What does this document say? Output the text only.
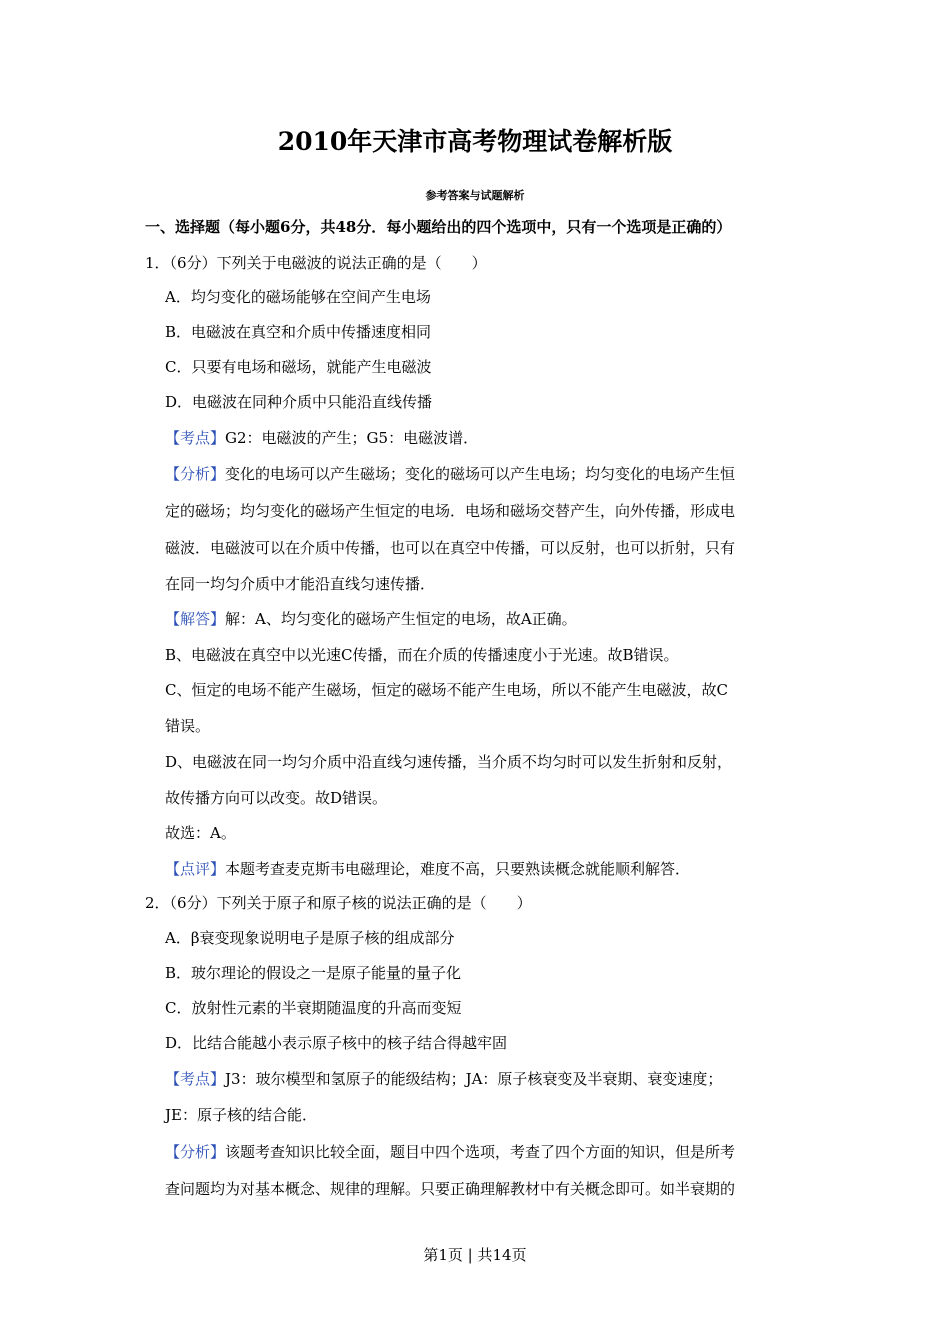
2010年天津市高考物理试卷解析版
参考答案与试题解析
一、选择题（每小题6分，共48分．每小题给出的四个选项中，只有一个选项是正确的）
1．（6分）下列关于电磁波的说法正确的是（　　）
A．均匀变化的磁场能够在空间产生电场
B．电磁波在真空和介质中传播速度相同
C．只要有电场和磁场，就能产生电磁波
D．电磁波在同种介质中只能沿直线传播
【考点】G2：电磁波的产生；G5：电磁波谱．
【分析】变化的电场可以产生磁场；变化的磁场可以产生电场；均匀变化的电场产生恒
定的磁场；均匀变化的磁场产生恒定的电场．电场和磁场交替产生，向外传播，形成电
磁波．电磁波可以在介质中传播，也可以在真空中传播，可以反射，也可以折射，只有
在同一均匀介质中才能沿直线匀速传播．
【解答】解：A、均匀变化的磁场产生恒定的电场，故A正确。
B、电磁波在真空中以光速C传播，而在介质的传播速度小于光速。故B错误。
C、恒定的电场不能产生磁场，恒定的磁场不能产生电场，所以不能产生电磁波，故C
错误。
D、电磁波在同一均匀介质中沿直线匀速传播，当介质不均匀时可以发生折射和反射，
故传播方向可以改变。故D错误。
故选：A。
【点评】本题考查麦克斯韦电磁理论，难度不高，只要熟读概念就能顺利解答．
2．（6分）下列关于原子和原子核的说法正确的是（　　）
A．β衰变现象说明电子是原子核的组成部分
B．玻尔理论的假设之一是原子能量的量子化
C．放射性元素的半衰期随温度的升高而变短
D．比结合能越小表示原子核中的核子结合得越牢固
【考点】J3：玻尔模型和氢原子的能级结构；JA：原子核衰变及半衰期、衰变速度；
JE：原子核的结合能．
【分析】该题考查知识比较全面，题目中四个选项，考查了四个方面的知识，但是所考
查问题均为对基本概念、规律的理解。只要正确理解教材中有关概念即可。如半衰期的
第1页 | 共14页
